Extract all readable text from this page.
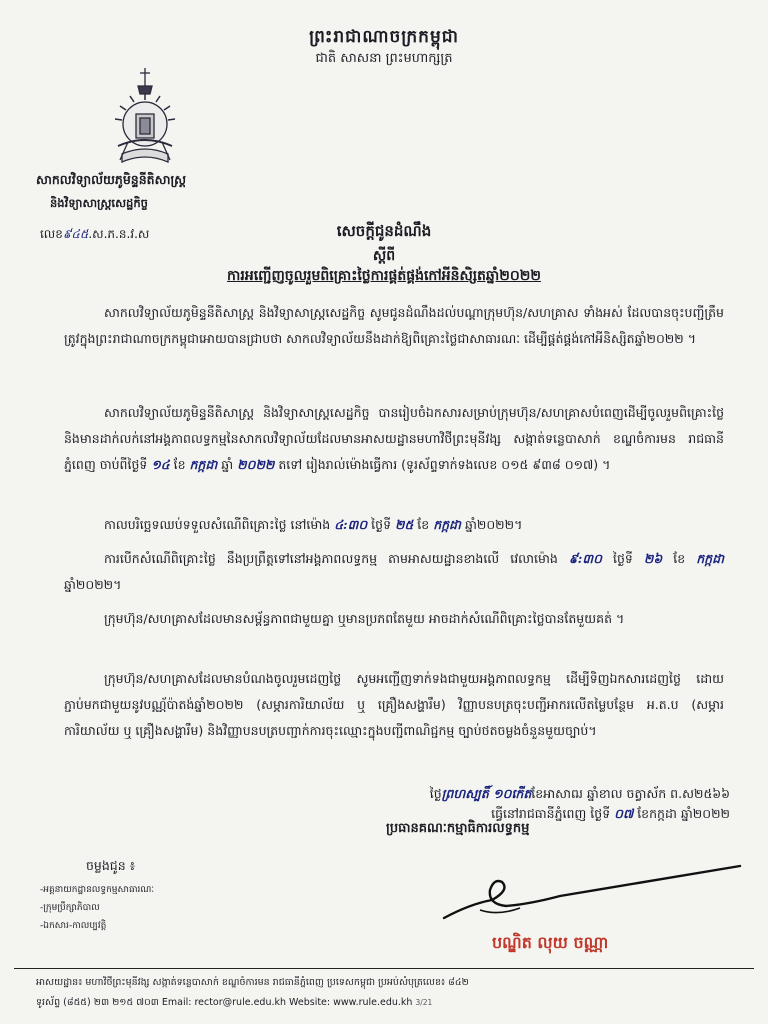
ព្រះរាជាណាចក្រកម្ពុជា
ជាតិ សាសនា ព្រះមហាក្សត្រ
សាកលវិទ្យាល័យភូមិន្ទនីតិសាស្ត្រ
និងវិទ្យាសាស្ត្រសេដ្ឋកិច្ច
លេខ៩៤៥.ស.ភ.ន.វ.ស	សេចក្តីជូនដំណឹង
ស្តីពី
ការអញ្ជើញចូលរួមពិគ្រោះថ្លៃការផ្គត់ផ្គង់កៅអីនិសិ្សតឆ្នាំ២០២២
សាកលវិទ្យាល័យភូមិន្ទនីតិសាស្ត្រ និងវិទ្យាសាស្ត្រសេដ្ឋកិច្ច សូមជូនដំណឹងដល់បណ្តាក្រុមហ៊ុន/សហគ្រាស ទាំងអស់ ដែលបានចុះបញ្ជីត្រឹមត្រូវក្នុងព្រះរាជាណាចក្រកម្ពុជាអោយបានជ្រាបថា សាកលវិទ្យាល័យនឹងដាក់ឱ្យពិគ្រោះថ្លៃជាសាធារណៈ ដើម្បីផ្គត់ផ្គង់កៅអីនិស្សិតឆ្នាំ២០២២ ។
សាកលវិទ្យាល័យភូមិន្ទនីតិសាស្ត្រ និងវិទ្យាសាស្ត្រសេដ្ឋកិច្ច បានរៀបចំឯកសារសម្រាប់ក្រុមហ៊ុន/សហគ្រាសបំពេញដើម្បីចូលរួមពិគ្រោះថ្លៃ និងមានដាក់លក់នៅអង្គភាពលទ្ធកម្មនៃសាកលវិទ្យាល័យដែលមានអាសយដ្ឋានមហាវិថីព្រះមុនីវង្ស សង្កាត់ទន្លេបាសាក់ ខណ្ឌចំការមន រាជធានីភ្នំពេញ ចាប់ពីថ្ងៃទី ១៤ ខែ កក្កដា ឆ្នាំ ២០២២ តទៅ រៀងរាល់ម៉ោងធ្វើការ (ទូរស័ព្ទទាក់ទងលេខ ០១៥ ៩៣៨ ០១៧) ។
កាលបរិច្ឆេទឈប់ទទួលសំណើពិគ្រោះថ្លៃ នៅម៉ោង ៤:៣០ ថ្ងៃទី ២៥ ខែ កក្កដា ឆ្នាំ២០២២។
ការបើកសំណើពិគ្រោះថ្លៃ នឹងប្រព្រឹត្តទៅនៅអង្គភាពលទ្ធកម្ម តាមអាសយដ្ឋានខាងលើ វេលាម៉ោង ៩:៣០ ថ្ងៃទី ២៦ ខែ កក្កដា ឆ្នាំ២០២២។
ក្រុមហ៊ុន/សហគ្រាសដែលមានសម្ព័ន្ធភាពជាមួយគ្នា ឬមានប្រភពតែមួយ អាចដាក់សំណើពិគ្រោះថ្លៃបានតែមួយគត់ ។
ក្រុមហ៊ុន/សហគ្រាសដែលមានបំណងចូលរួមដេញថ្លៃ សូមអញ្ជើញទាក់ទងជាមួយអង្គភាពលទ្ធកម្ម ដើម្បីទិញឯកសារដេញថ្លៃ ដោយភ្ជាប់មកជាមួយនូវបណ្ណ័ប៉ាតង់ឆ្នាំ២០២២ (សម្ភារការិយាល័យ ឬ គ្រឿងសង្ហារឹម) វិញ្ញាបនបត្រចុះបញ្ជីអាករលើតម្លៃបន្ថែម អ.ត.ប (សម្ភារការិយាល័យ ឬ គ្រឿងសង្ហារឹម) និងវិញ្ញាបនបត្របញ្ជាក់ការចុះឈ្មោះក្នុងបញ្ជីពាណិជ្ជកម្ម ច្បាប់ថតចម្លងចំនួនមួយច្បាប់។
ថ្ងៃព្រហស្បតិ៍ ១០កើតខែអាសាឍ ឆ្នាំខាល ចត្វាស័ក ព.ស២៥៦៦
ធ្វើនៅរាជធានីភ្នំពេញ ថ្ងៃទី ០៧ ខែកក្កដា ឆ្នាំ២០២២
ប្រធានគណៈកម្មាធិការលទ្ធកម្ម
ចម្លងជូន ៖
-អគ្គនាយកដ្ឋានលទ្ធកម្មសាធារណៈ
-ក្រុមប្រឹក្សាភិបាល
-ឯកសារ-កាលប្បវត្តិ
បណ្ឌិត លុយ ចណ្ណា
អាសយដ្ឋាន៖ មហាវិថីព្រះមុនីវង្ស សង្កាត់ទន្លេបាសាក់ ខណ្ឌចំការមន រាជធានីភ្នំពេញ ប្រទេសកម្ពុជា ប្រអប់សំបុត្រលេខ៖ ៨៤២
ទូរស័ព្ទ (៨៥៥) ២៣ ២១៥ ៧០៣ Email: rector@rule.edu.kh Website: www.rule.edu.kh 3/21
